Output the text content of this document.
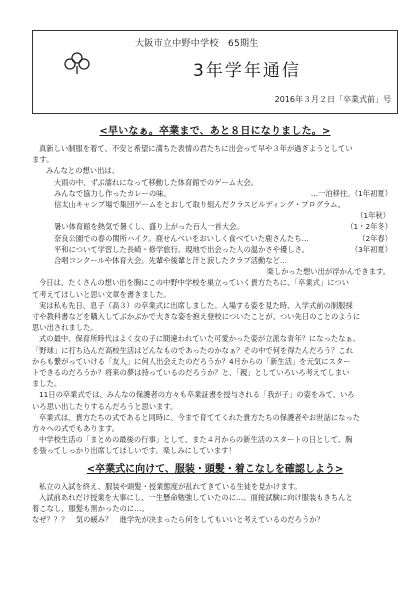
大阪市立中野中学校　65期生
3年学年通信
2016年３月２日「卒業式前」号
<早いなぁ。卒業まで、あと８日になりました。>
真新しい制服を着て、不安と希望に満ちた表情の君たちに出会って早や３年が過ぎようとしてい
ます。
みんなとの想い出は、
大雨の中、ずぶ濡れになって移動した体育館でのゲーム大会。
みんなで協力し作ったカレーの味。	…一泊移住。（1年初夏）
信太山キャンプ場で集団ゲームをとおして取り組んだクラスビルディング・プログラム。
（1年秋）
暑い体育館を熱気で暑くし、盛り上がった百人一首大会。	（1・2年冬）
奈良公園での春の関所ハイク。鹿せんべいをおいしく食べていた鹿さんたち…	（2年春）
平和について学習した長崎・修学旅行。現地で出会った人の温かさや優しさ。	（3年初夏）
合唱コンクールや体育大会。先輩や後輩と汗と涙したクラブ活動など…
楽しかった想い出が浮かんできます。
今日は、たくさんの想い出を胸にこの中野中学校を巣立っていく貴方たちに、「卒業式」につい
て考えてほしいと思い文章を書きました。
実は私も先日、息子（高３）の卒業式に出席しました。入場する姿を見た時、入学式前の制服採
寸や教科書などを購入してぶかぶかで大きな姿を抱え登校についたことが、つい先日のことのように
思い出されました。
式の最中、保育所時代はよく女の子に間違われていた可愛かった姿が立派な青年？になったなぁ。
「野球」に打ち込んだ高校生活はどんなものであったのかなぁ？その中で何を得たんだろう？これ
からも繋がっていける「友人」に何人出会えたのだろうか？4月からの「新生活」を元気にスター
トできるのだろうか？将来の夢は持っているのだろうか？と、「親」としていろいろ考えてしまい
ました。
11日の卒業式では、みんなの保護者の方々も卒業証書を授与される「我が子」の姿をみて、いろ
いろ思い出したりするんだろうと思います。
卒業式は、貴方たちの式であると同時に、今まで育ててくれた貴方たちの保護者やお世話になった
方々への式でもあります。
中学校生活の「まとめの最後の行事」として、また４月からの新生活のスタートの日として、胸
を張ってしっかり出席してほしいです。楽しみにしています！
<卒業式に向けて、服装・頭髪・着こなしを確認しよう>
私立の入試を終え、服装や頭髪・授業態度が乱れてきている生徒を見かけます。
入試前あれだけ授業を大事にし、一生懸命勉強していたのに…。面接試験に向け服装もきちんと
着こなし、服髪も黒かったのに…。
なぜ？？？　気の緩み？　進学先が決まったら何をしてもいいと考えているのだろうか？
